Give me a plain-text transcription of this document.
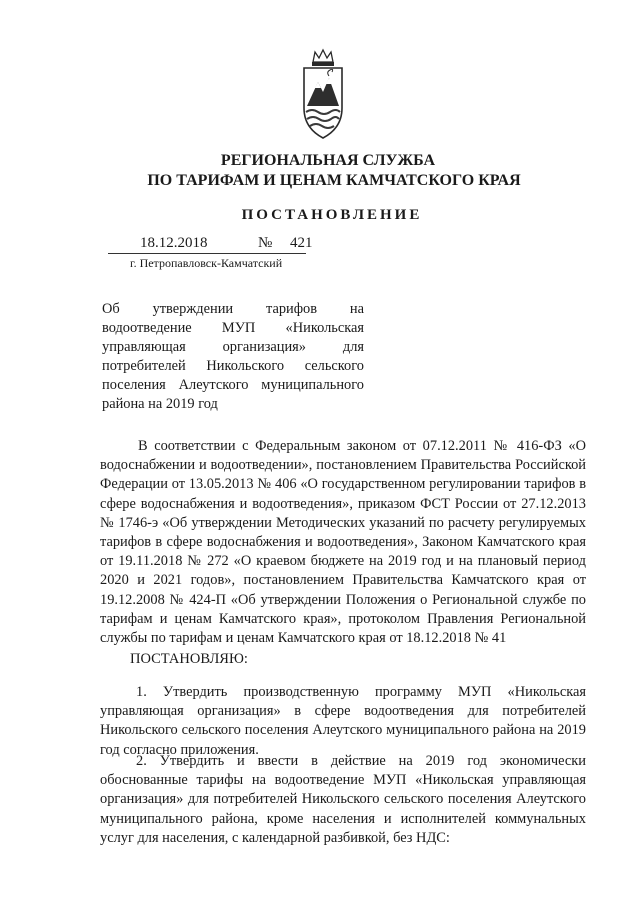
РЕГИОНАЛЬНАЯ СЛУЖБА
ПО ТАРИФАМ И ЦЕНАМ КАМЧАТСКОГО КРАЯ
ПОСТАНОВЛЕНИЕ
18.12.2018	№ 421
г. Петропавловск-Камчатский
Об утверждении тарифов на водоотведение МУП «Никольская управляющая организация» для потребителей Никольского сельского поселения Алеутского муниципального района на 2019 год
В соответствии с Федеральным законом от 07.12.2011 № 416-ФЗ «О водоснабжении и водоотведении», постановлением Правительства Российской Федерации от 13.05.2013 № 406 «О государственном регулировании тарифов в сфере водоснабжения и водоотведения», приказом ФСТ России от 27.12.2013 № 1746-э «Об утверждении Методических указаний по расчету регулируемых тарифов в сфере водоснабжения и водоотведения», Законом Камчатского края от 19.11.2018 № 272 «О краевом бюджете на 2019 год и на плановый период 2020 и 2021 годов», постановлением Правительства Камчатского края от 19.12.2008 № 424-П «Об утверждении Положения о Региональной службе по тарифам и ценам Камчатского края», протоколом Правления Региональной службы по тарифам и ценам Камчатского края от 18.12.2018 № 41
ПОСТАНОВЛЯЮ:
1. Утвердить производственную программу МУП «Никольская управляющая организация» в сфере водоотведения для потребителей Никольского сельского поселения Алеутского муниципального района на 2019 год согласно приложения.
2. Утвердить и ввести в действие на 2019 год экономически обоснованные тарифы на водоотведение МУП «Никольская управляющая организация» для потребителей Никольского сельского поселения Алеутского муниципального района, кроме населения и исполнителей коммунальных услуг для населения, с календарной разбивкой, без НДС:
